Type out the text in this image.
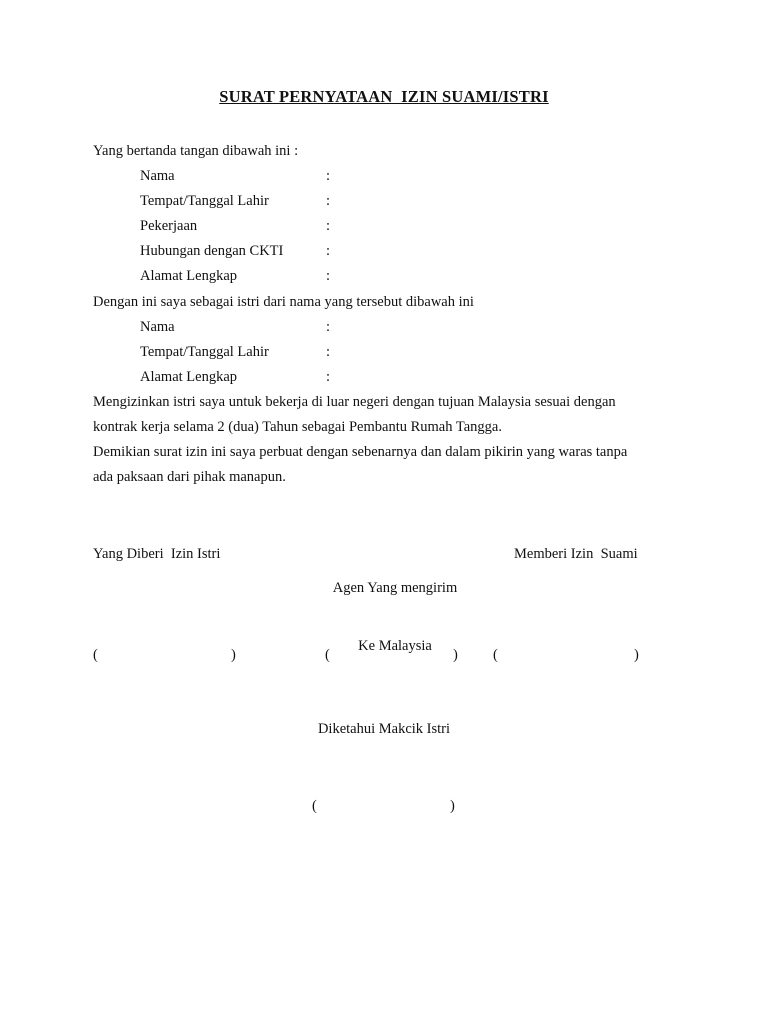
SURAT PERNYATAAN  IZIN SUAMI/ISTRI
Yang bertanda tangan dibawah ini :
Nama	:
Tempat/Tanggal Lahir	:
Pekerjaan	:
Hubungan dengan CKTI	:
Alamat Lengkap	:
Dengan ini saya sebagai istri dari nama yang tersebut dibawah ini
Nama	:
Tempat/Tanggal Lahir	:
Alamat Lengkap	:
Mengizinkan istri saya untuk bekerja di luar negeri dengan tujuan Malaysia sesuai dengan
kontrak kerja selama 2 (dua) Tahun sebagai Pembantu Rumah Tangga.
Demikian surat izin ini saya perbuat dengan sebenarnya dan dalam pikirin yang waras tanpa
ada paksaan dari pihak manapun.
Yang Diberi  Izin Istri

Agen Yang mengirim

Ke Malaysia

Memberi Izin  Suami
(	)	(	) (	)
Diketahui Makcik Istri
(	)
